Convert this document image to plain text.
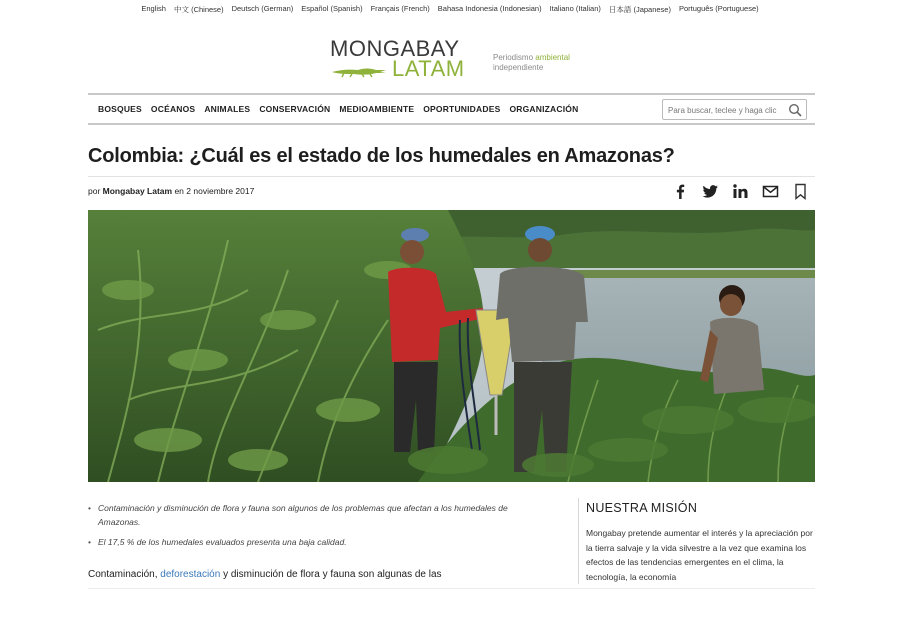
English 中文 (Chinese) Deutsch (German) Español (Spanish) Français (French) Bahasa Indonesia (Indonesian) Italiano (Italian) 日本語 (Japanese) Português (Portuguese)
MONGABAY
LATAM	Periodismo ambiental
independiente
BOSQUES OCÉANOS ANIMALES CONSERVACIÓN MEDIOAMBIENTE OPORTUNIDADES ORGANIZACIÓN
Para buscar, teclee y haga clic
Colombia: ¿Cuál es el estado de los humedales en Amazonas?
por Mongabay Latam en 2 noviembre 2017
• Contaminación y disminución de flora y fauna son algunos de los problemas que afectan a los humedales de Amazonas.
• El 17,5 % de los humedales evaluados presenta una baja calidad.
Contaminación, deforestación y disminución de flora y fauna son algunas de las
NUESTRA MISIÓN
Mongabay pretende aumentar el interés y la apreciación por la tierra salvaje y la vida silvestre a la vez que examina los efectos de las tendencias emergentes en el clima, la tecnología, la economía
